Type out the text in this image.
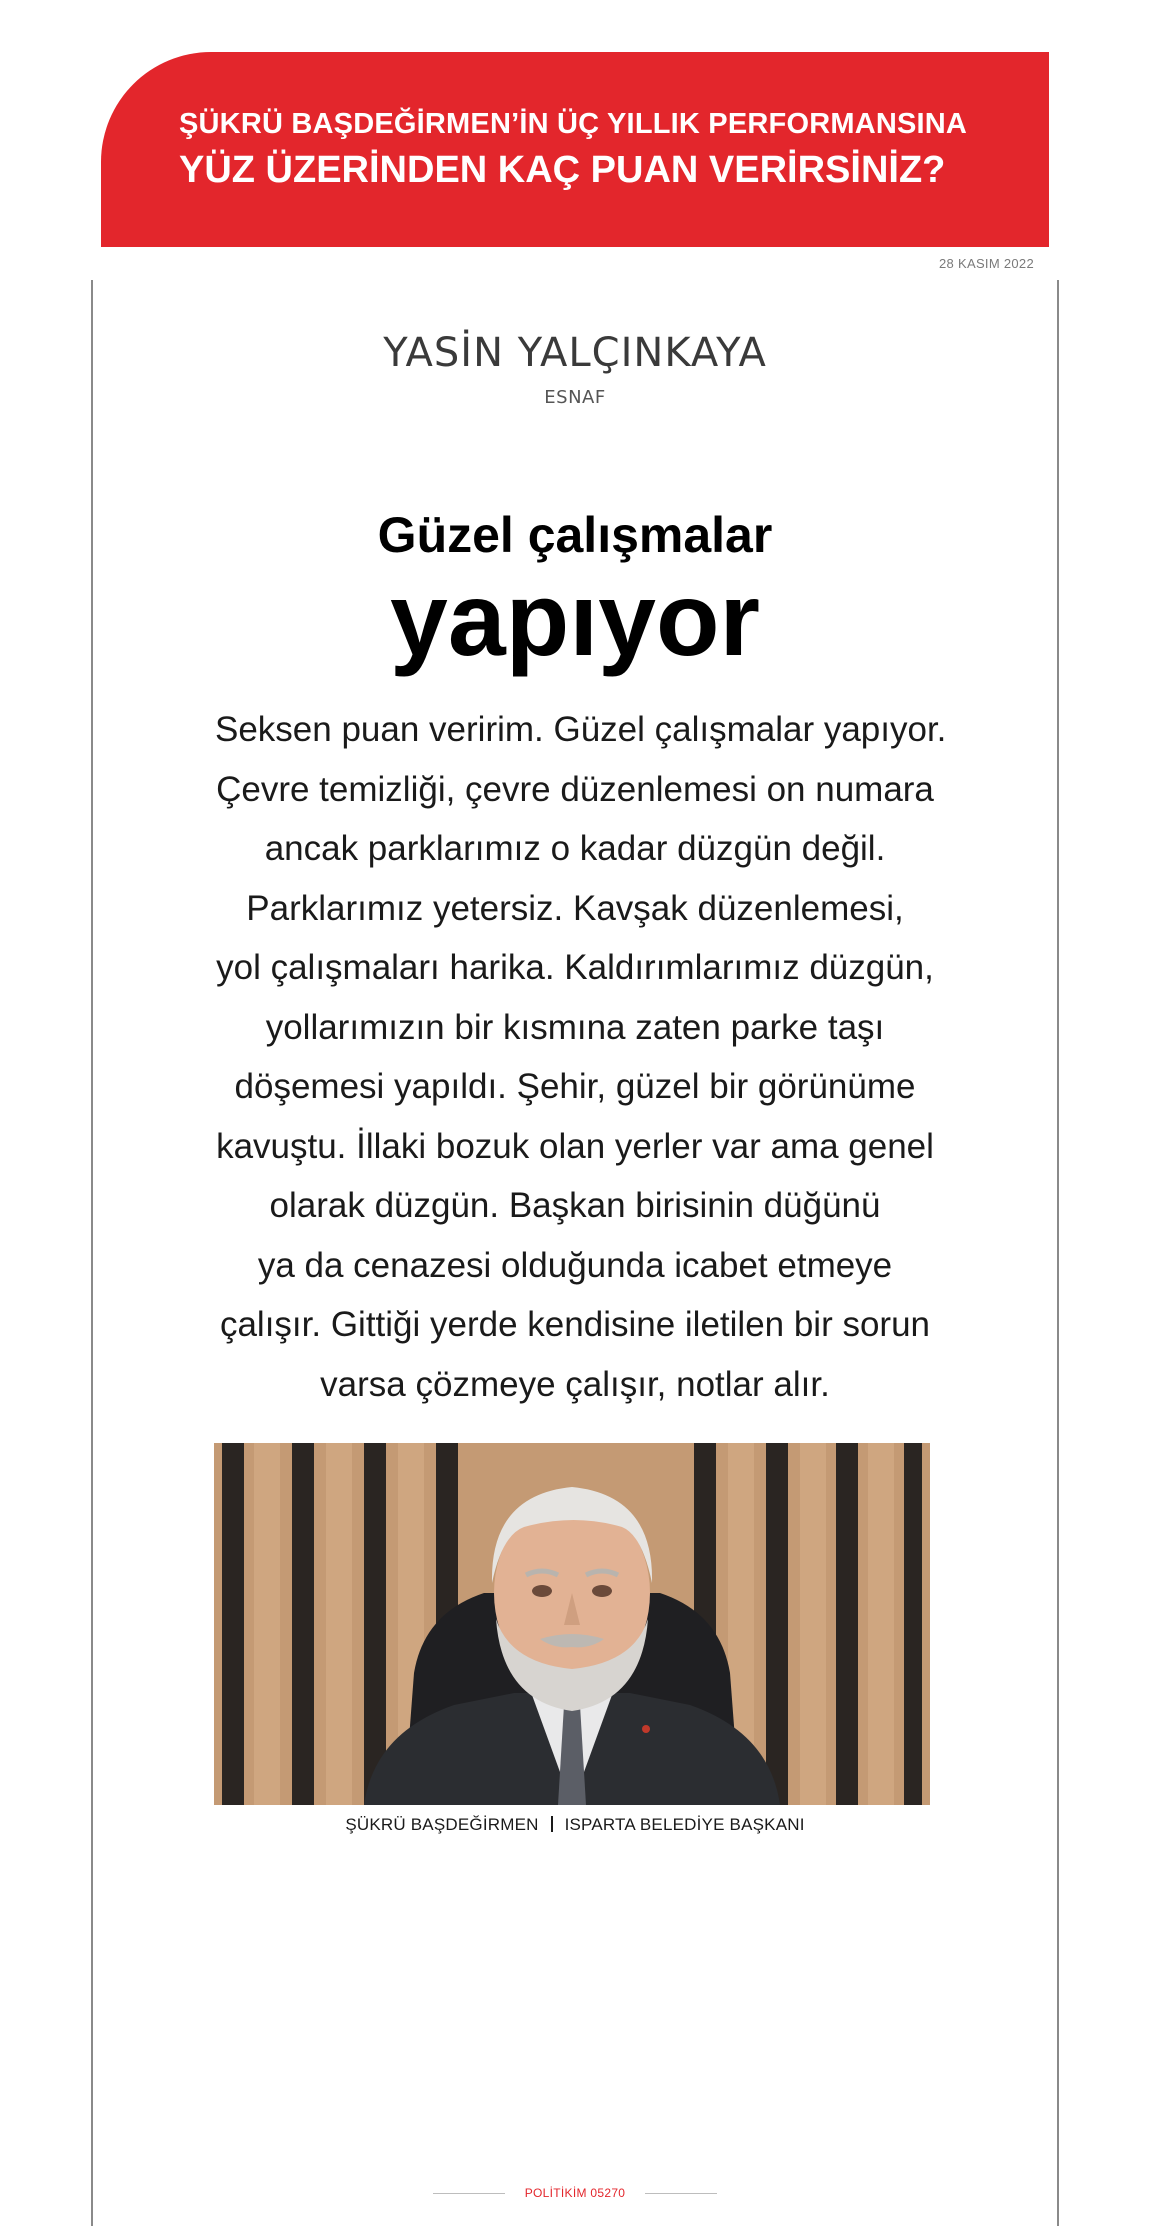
ŞÜKRÜ BAŞDEĞİRMEN’İN ÜÇ YILLIK PERFORMANSINA
YÜZ ÜZERİNDEN KAÇ PUAN VERİRSİNİZ?
28 KASIM 2022
YASİN YALÇINKAYA
ESNAF
Güzel çalışmalar
yapıyor
Seksen puan veririm. Güzel çalışmalar yapıyor.
Çevre temizliği, çevre düzenlemesi on numara
ancak parklarımız o kadar düzgün değil.
Parklarımız yetersiz. Kavşak düzenlemesi,
yol çalışmaları harika. Kaldırımlarımız düzgün,
yollarımızın bir kısmına zaten parke taşı
döşemesi yapıldı. Şehir, güzel bir görünüme
kavuştu. İllaki bozuk olan yerler var ama genel
olarak düzgün. Başkan birisinin düğünü
ya da cenazesi olduğunda icabet etmeye
çalışır. Gittiği yerde kendisine iletilen bir sorun
varsa çözmeye çalışır, notlar alır.
ŞÜKRÜ BAŞDEĞİRMEN ISPARTA BELEDİYE BAŞKANI
POLİTİKİM 05270
